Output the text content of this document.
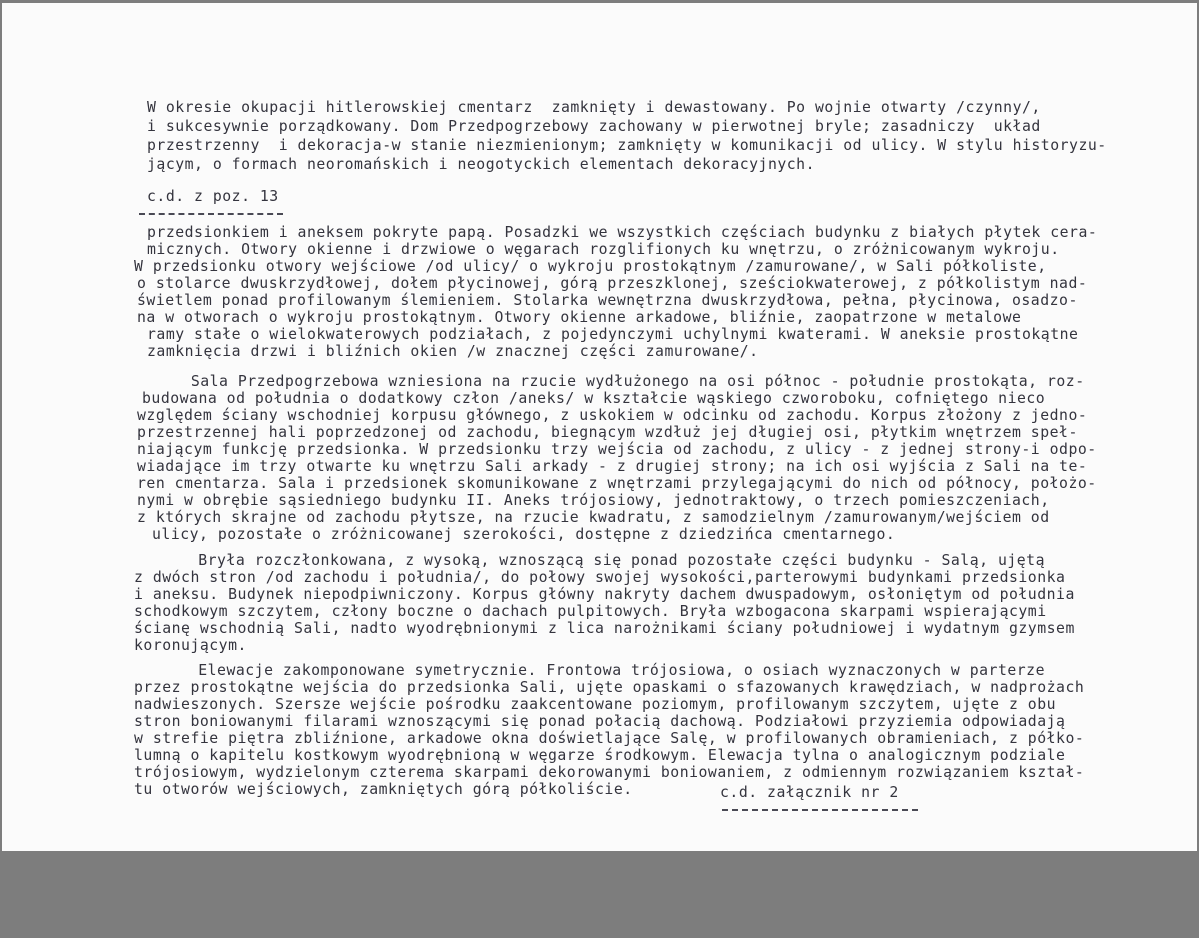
W okresie okupacji hitlerowskiej cmentarz  zamknięty i dewastowany. Po wojnie otwarty /czynny/,

i sukcesywnie porządkowany. Dom Przedpogrzebowy zachowany w pierwotnej bryle; zasadniczy  układ

przestrzenny  i dekoracja-w stanie niezmienionym; zamknięty w komunikacji od ulicy. W stylu historyzu-

jącym, o formach neoromańskich i neogotyckich elementach dekoracyjnych.

c.d. z poz. 13

przedsionkiem i aneksem pokryte papą. Posadzki we wszystkich częściach budynku z białych płytek cera-

micznych. Otwory okienne i drzwiowe o węgarach rozglifionych ku wnętrzu, o zróżnicowanym wykroju.

W przedsionku otwory wejściowe /od ulicy/ o wykroju prostokątnym /zamurowane/, w Sali półkoliste,

o stolarce dwuskrzydłowej, dołem płycinowej, górą przeszklonej, sześciokwaterowej, z półkolistym nad-

świetlem ponad profilowanym ślemieniem. Stolarka wewnętrzna dwuskrzydłowa, pełna, płycinowa, osadzo-

na w otworach o wykroju prostokątnym. Otwory okienne arkadowe, bliźnie, zaopatrzone w metalowe

ramy stałe o wielokwaterowych podziałach, z pojedynczymi uchylnymi kwaterami. W aneksie prostokątne

zamknięcia drzwi i bliźnich okien /w znacznej części zamurowane/.

Sala Przedpogrzebowa wzniesiona na rzucie wydłużonego na osi północ - południe prostokąta, roz-

budowana od południa o dodatkowy człon /aneks/ w kształcie wąskiego czworoboku, cofniętego nieco

względem ściany wschodniej korpusu głównego, z uskokiem w odcinku od zachodu. Korpus złożony z jedno-

przestrzennej hali poprzedzonej od zachodu, biegnącym wzdłuż jej długiej osi, płytkim wnętrzem speł-

niającym funkcję przedsionka. W przedsionku trzy wejścia od zachodu, z ulicy - z jednej strony-i odpo-

wiadające im trzy otwarte ku wnętrzu Sali arkady - z drugiej strony; na ich osi wyjścia z Sali na te-

ren cmentarza. Sala i przedsionek skomunikowane z wnętrzami przylegającymi do nich od północy, położo-

nymi w obrębie sąsiedniego budynku II. Aneks trójosiowy, jednotraktowy, o trzech pomieszczeniach,

z których skrajne od zachodu płytsze, na rzucie kwadratu, z samodzielnym /zamurowanym/wejściem od

ulicy, pozostałe o zróżnicowanej szerokości, dostępne z dziedzińca cmentarnego.

Bryła rozczłonkowana, z wysoką, wznoszącą się ponad pozostałe części budynku - Salą, ujętą

z dwóch stron /od zachodu i południa/, do połowy swojej wysokości,parterowymi budynkami przedsionka

i aneksu. Budynek niepodpiwniczony. Korpus główny nakryty dachem dwuspadowym, osłoniętym od południa

schodkowym szczytem, człony boczne o dachach pulpitowych. Bryła wzbogacona skarpami wspierającymi

ścianę wschodnią Sali, nadto wyodrębnionymi z lica narożnikami ściany południowej i wydatnym gzymsem

koronującym.

Elewacje zakomponowane symetrycznie. Frontowa trójosiowa, o osiach wyznaczonych w parterze

przez prostokątne wejścia do przedsionka Sali, ujęte opaskami o sfazowanych krawędziach, w nadprożach

nadwieszonych. Szersze wejście pośrodku zaakcentowane poziomym, profilowanym szczytem, ujęte z obu

stron boniowanymi filarami wznoszącymi się ponad połacią dachową. Podziałowi przyziemia odpowiadają

w strefie piętra zbliźnione, arkadowe okna doświetlające Salę, w profilowanych obramieniach, z półko-

lumną o kapitelu kostkowym wyodrębnioną w węgarze środkowym. Elewacja tylna o analogicznym podziale

trójosiowym, wydzielonym czterema skarpami dekorowanymi boniowaniem, z odmiennym rozwiązaniem kształ-

tu otworów wejściowych, zamkniętych górą półkoliście.

	c.d. załącznik nr 2
